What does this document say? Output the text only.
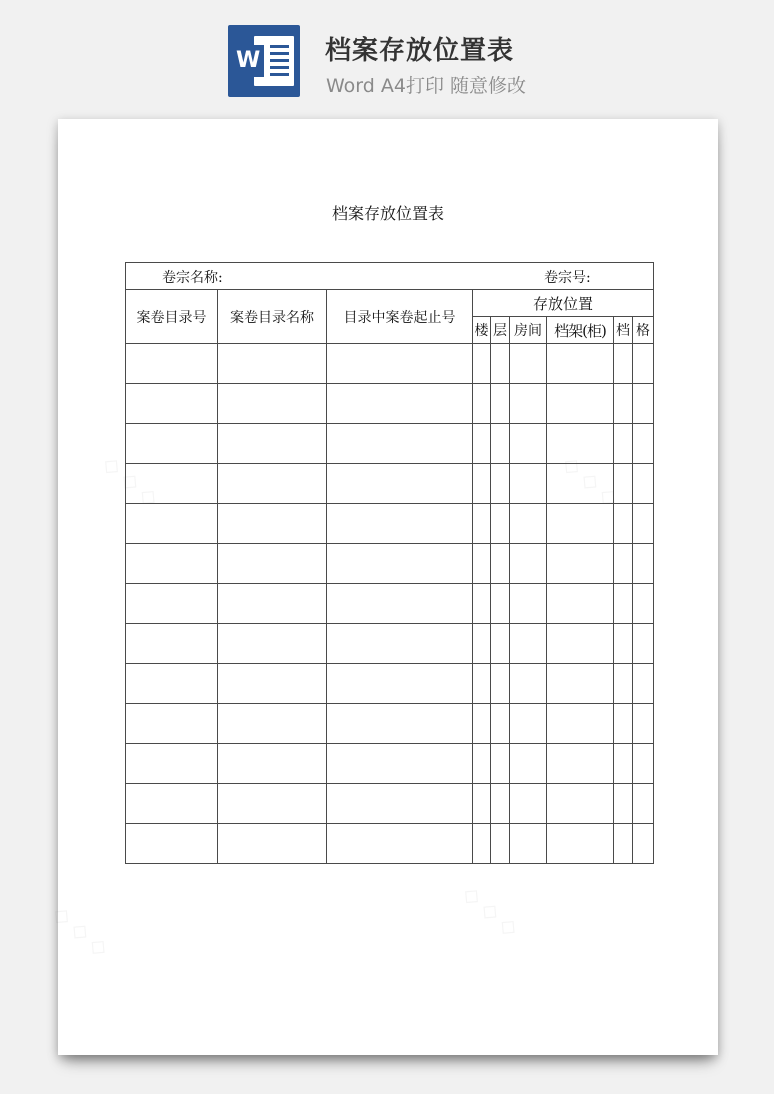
W 档案存放位置表
Word A4打印 随意修改
◇ ◇ ◇	◇ ◇ ◇
◇ ◇ ◇	◇ ◇ ◇
档案存放位置表
卷宗名称: 卷宗号:								

案卷目录号	案卷目录名称	目录中案卷起止号	存放位置					
			楼	层	房间	档架(柜)	档	格
